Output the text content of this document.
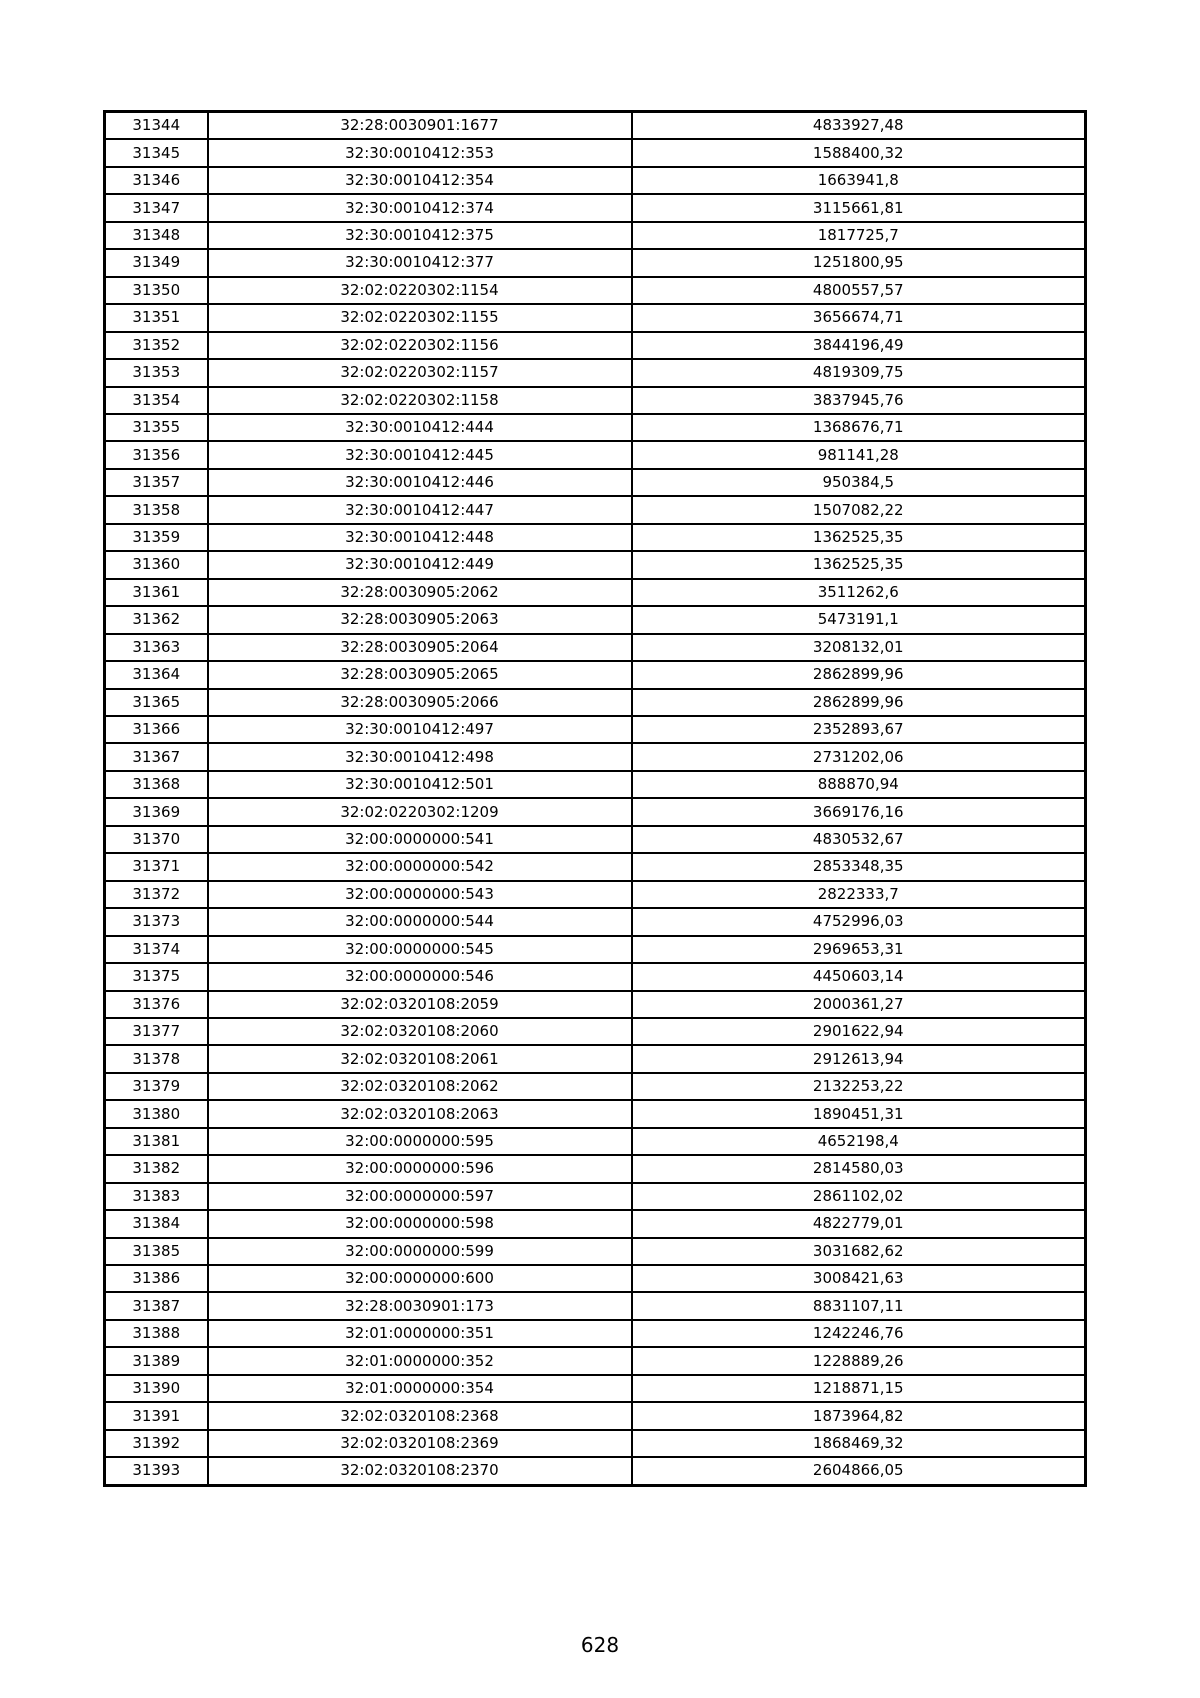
31344	32:28:0030901:1677	4833927,48
31345	32:30:0010412:353	1588400,32
31346	32:30:0010412:354	1663941,8
31347	32:30:0010412:374	3115661,81
31348	32:30:0010412:375	1817725,7
31349	32:30:0010412:377	1251800,95
31350	32:02:0220302:1154	4800557,57
31351	32:02:0220302:1155	3656674,71
31352	32:02:0220302:1156	3844196,49
31353	32:02:0220302:1157	4819309,75
31354	32:02:0220302:1158	3837945,76
31355	32:30:0010412:444	1368676,71
31356	32:30:0010412:445	981141,28
31357	32:30:0010412:446	950384,5
31358	32:30:0010412:447	1507082,22
31359	32:30:0010412:448	1362525,35
31360	32:30:0010412:449	1362525,35
31361	32:28:0030905:2062	3511262,6
31362	32:28:0030905:2063	5473191,1
31363	32:28:0030905:2064	3208132,01
31364	32:28:0030905:2065	2862899,96
31365	32:28:0030905:2066	2862899,96
31366	32:30:0010412:497	2352893,67
31367	32:30:0010412:498	2731202,06
31368	32:30:0010412:501	888870,94
31369	32:02:0220302:1209	3669176,16
31370	32:00:0000000:541	4830532,67
31371	32:00:0000000:542	2853348,35
31372	32:00:0000000:543	2822333,7
31373	32:00:0000000:544	4752996,03
31374	32:00:0000000:545	2969653,31
31375	32:00:0000000:546	4450603,14
31376	32:02:0320108:2059	2000361,27
31377	32:02:0320108:2060	2901622,94
31378	32:02:0320108:2061	2912613,94
31379	32:02:0320108:2062	2132253,22
31380	32:02:0320108:2063	1890451,31
31381	32:00:0000000:595	4652198,4
31382	32:00:0000000:596	2814580,03
31383	32:00:0000000:597	2861102,02
31384	32:00:0000000:598	4822779,01
31385	32:00:0000000:599	3031682,62
31386	32:00:0000000:600	3008421,63
31387	32:28:0030901:173	8831107,11
31388	32:01:0000000:351	1242246,76
31389	32:01:0000000:352	1228889,26
31390	32:01:0000000:354	1218871,15
31391	32:02:0320108:2368	1873964,82
31392	32:02:0320108:2369	1868469,32
31393	32:02:0320108:2370	2604866,05
628
